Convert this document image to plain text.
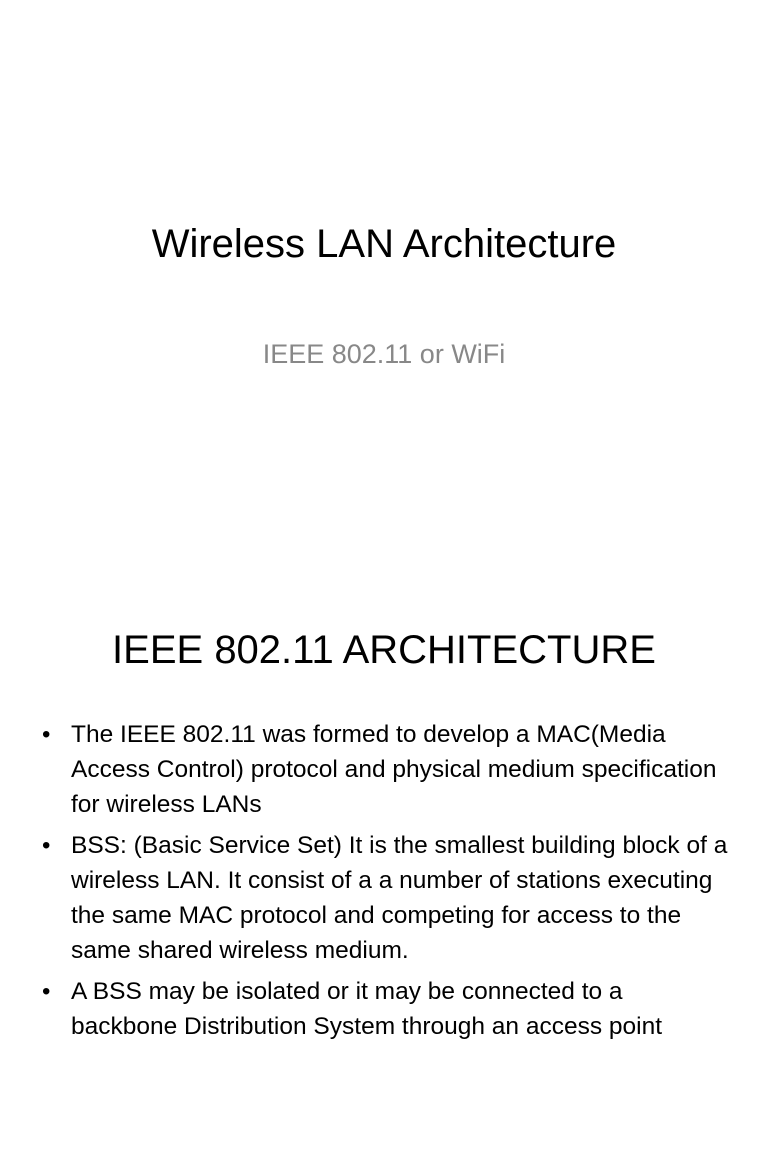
Wireless LAN Architecture

IEEE 802.11 or WiFi

IEEE 802.11 ARCHITECTURE
• The IEEE 802.11 was formed to develop a MAC(Media Access Control) protocol and physical medium specification for wireless LANs
• BSS: (Basic Service Set) It is the smallest building block of a wireless LAN. It consist of a a number of stations executing the same MAC protocol and competing for access to the same shared wireless medium.
• A BSS may be isolated or it may be connected to a backbone Distribution System through an access point
